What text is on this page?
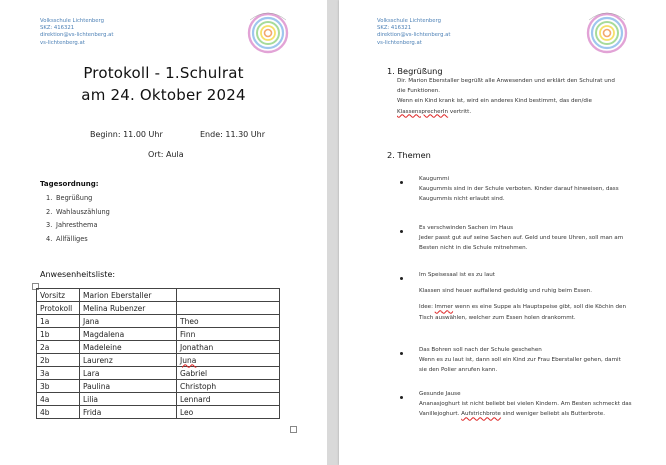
Volksschule Lichtenberg
SKZ: 416321
direktion@vs-lichtenberg.at
vs-lichtenberg.at
Protokoll - 1.Schulrat
am 24. Oktober 2024
Beginn: 11.00 Uhr	Ende: 11.30 Uhr
Ort: Aula
Tagesordnung:
1. Begrüßung
2. Wahlauszählung
3. Jahresthema
4. Allfälliges
Anwesenheitsliste:
Vorsitz	Marion Eberstaller	
Protokoll	Melina Rubenzer	
1a	Jana	Theo
1b	Magdalena	Finn
2a	Madeleine	Jonathan
2b	Laurenz	Juna
3a	Lara	Gabriel
3b	Paulina	Christoph
4a	Lilia	Lennard
4b	Frida	Leo
Volksschule Lichtenberg
SKZ: 416321
direktion@vs-lichtenberg.at
vs-lichtenberg.at
1. Begrüßung
Dir. Marion Eberstaller begrüßt alle Anwesenden und erklärt den Schulrat und
die Funktionen.
Wenn ein Kind krank ist, wird ein anderes Kind bestimmt, das den/die
KlassensprecherIn vertritt.
2. Themen
Kaugummi
Kaugummis sind in der Schule verboten. Kinder darauf hinweisen, dass
Kaugummis nicht erlaubt sind.
Es verschwinden Sachen im Haus
Jeder passt gut auf seine Sachen auf. Geld und teure Uhren, soll man am
Besten nicht in die Schule mitnehmen.
Im Speisesaal ist es zu laut
Klassen sind heuer auffallend geduldig und ruhig beim Essen.
Idee: Immer wenn es eine Suppe als Hauptspeise gibt, soll die Köchin den
Tisch auswählen, welcher zum Essen holen drankommt.
Das Bohren soll nach der Schule geschehen
Wenn es zu laut ist, dann soll ein Kind zur Frau Eberstaller gehen, damit
sie den Polier anrufen kann.
Gesunde Jause
Ananasjoghurt ist nicht beliebt bei vielen Kindern. Am Besten schmeckt das
Vanillejoghurt. Aufstrichbrote sind weniger beliebt als Butterbrote.
